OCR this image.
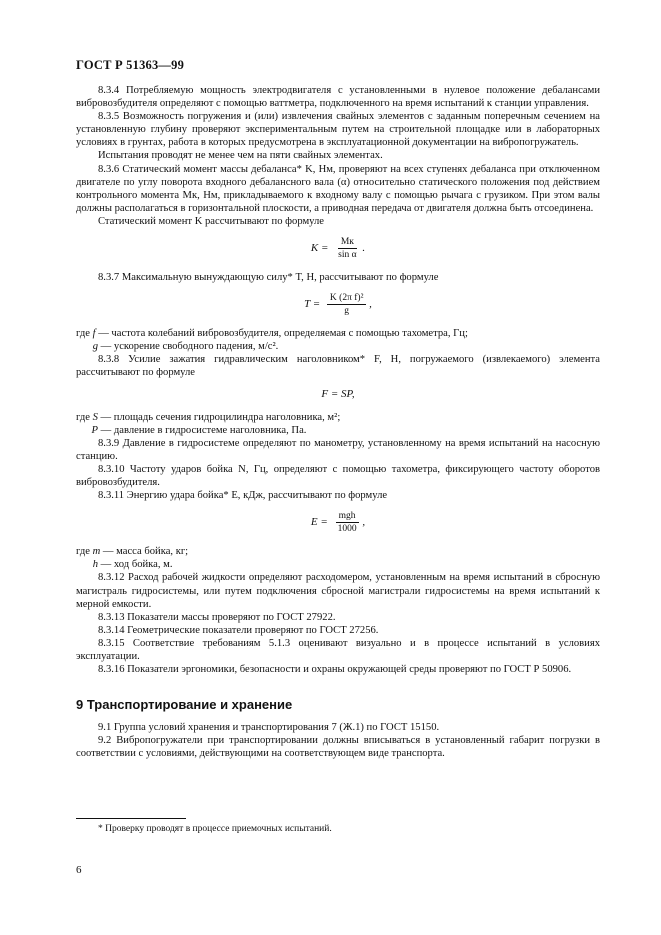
ГОСТ Р 51363—99

8.3.4 Потребляемую мощность электродвигателя с установленными в нулевое положение дебалансами вибровозбудителя определяют с помощью ваттметра, подключенного на время испытаний к станции управления.

8.3.5 Возможность погружения и (или) извлечения свайных элементов с заданным поперечным сечением на установленную глубину проверяют экспериментальным путем на строительной площадке или в лабораторных условиях в грунтах, работа в которых предусмотрена в эксплуатационной документации на вибропогружатель.

Испытания проводят не менее чем на пяти свайных элементах.

8.3.6 Статический момент массы дебаланса* K, Нм, проверяют на всех ступенях дебаланса при отключенном двигателе по углу поворота входного дебалансного вала (α) относительно статического положения под действием контрольного момента Мк, Нм, прикладываемого к входному валу с помощью рычага с грузиком. При этом валы должны располагаться в горизонтальной плоскости, а приводная передача от двигателя должна быть отсоединена.

Статический момент K рассчитывают по формуле

$K = \frac{Мк}{\text{sin α}}$ .

8.3.7 Максимальную вынуждающую силу* T, Н, рассчитывают по формуле

$T = \frac{\text{K (2π f)²}}{g}$ ,

где f — частота колебаний вибровозбудителя, определяемая с помощью тахометра, Гц;

g — ускорение свободного падения, м/с².

8.3.8 Усилие зажатия гидравлическим наголовником* F, Н, погружаемого (извлекаемого) элемента рассчитывают по формуле

F = SP,

где S — площадь сечения гидроцилиндра наголовника, м²;

P — давление в гидросистеме наголовника, Па.

8.3.9 Давление в гидросистеме определяют по манометру, установленному на время испытаний на насосную станцию.

8.3.10 Частоту ударов бойка N, Гц, определяют с помощью тахометра, фиксирующего частоту оборотов вибровозбудителя.

8.3.11 Энергию удара бойка* E, кДж, рассчитывают по формуле

$E = \frac{\text{mgh}}{1000}$ ,

где m — масса бойка, кг;

h — ход бойка, м.

8.3.12 Расход рабочей жидкости определяют расходомером, установленным на время испытаний в сбросную магистраль гидросистемы, или путем подключения сбросной магистрали гидросистемы на время испытаний к мерной емкости.

8.3.13 Показатели массы проверяют по ГОСТ 27922.

8.3.14 Геометрические показатели проверяют по ГОСТ 27256.

8.3.15 Соответствие требованиям 5.1.3 оценивают визуально и в процессе испытаний в условиях эксплуатации.

8.3.16 Показатели эргономики, безопасности и охраны окружающей среды проверяют по ГОСТ Р 50906.

9 Транспортирование и хранение

9.1 Группа условий хранения и транспортирования 7 (Ж.1) по ГОСТ 15150.

9.2 Вибропогружатели при транспортировании должны вписываться в установленный габарит погрузки в соответствии с условиями, действующими на соответствующем виде транспорта.

* Проверку проводят в процессе приемочных испытаний.
6
